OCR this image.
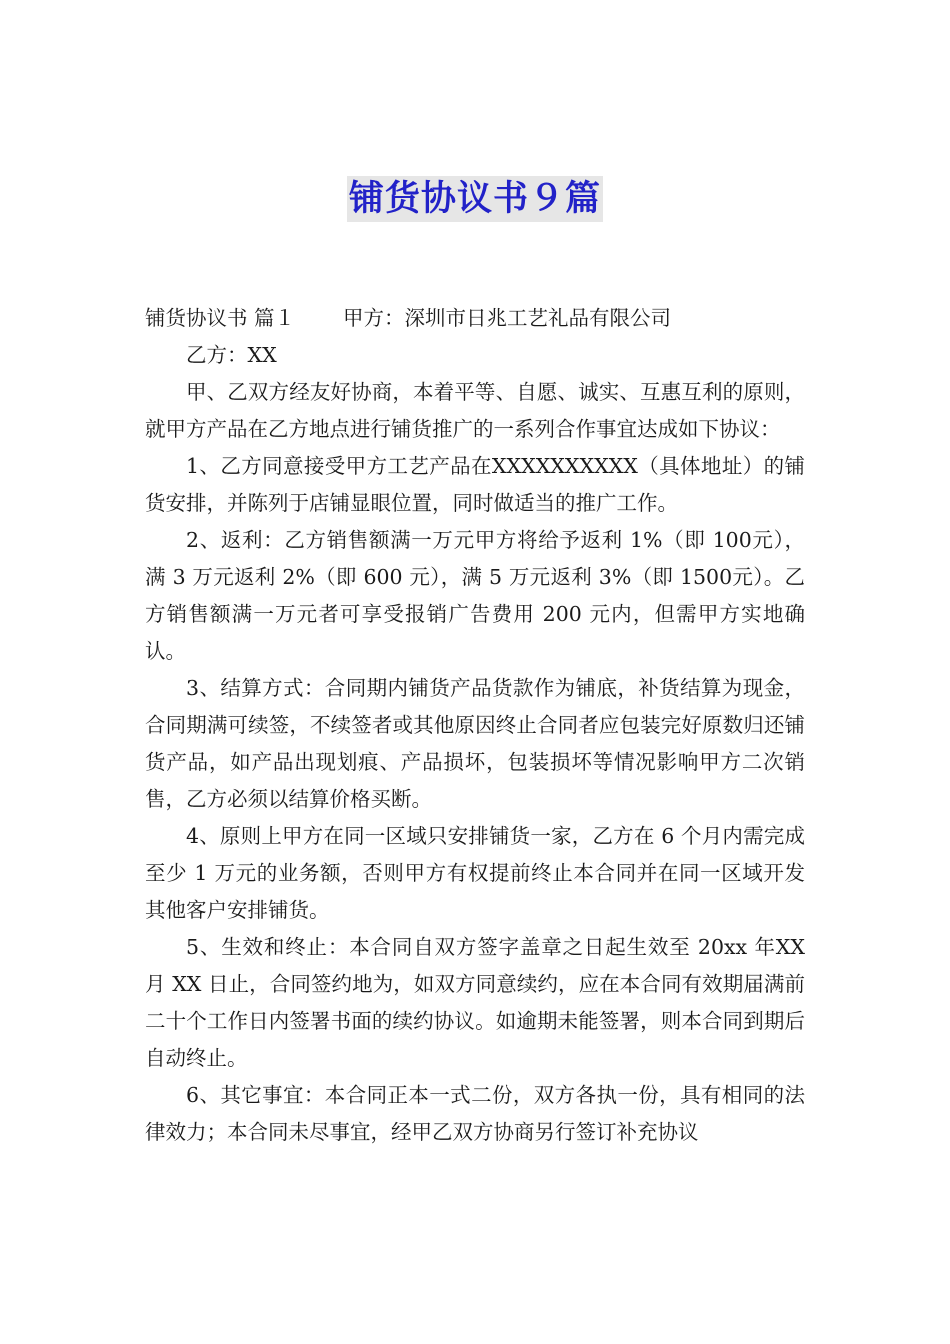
铺货协议书９篇

铺货协议书 篇１ 甲方：深圳市日兆工艺礼品有限公司

乙方：XX

甲、乙双方经友好协商，本着平等、自愿、诚实、互惠互利的原则，就甲方产品在乙方地点进行铺货推广的一系列合作事宜达成如下协议：

1、乙方同意接受甲方工艺产品在XXXXXXXXXX（具体地址）的铺货安排，并陈列于店铺显眼位置，同时做适当的推广工作。

2、返利：乙方销售额满一万元甲方将给予返利 1%（即 100元），满 3 万元返利 2%（即 600 元），满 5 万元返利 3%（即 1500元）。乙方销售额满一万元者可享受报销广告费用 200 元内，但需甲方实地确认。

3、结算方式：合同期内铺货产品货款作为铺底，补货结算为现金，合同期满可续签，不续签者或其他原因终止合同者应包装完好原数归还铺货产品，如产品出现划痕、产品损坏，包装损坏等情况影响甲方二次销售，乙方必须以结算价格买断。

4、原则上甲方在同一区域只安排铺货一家，乙方在 6 个月内需完成至少 1 万元的业务额，否则甲方有权提前终止本合同并在同一区域开发其他客户安排铺货。

5、生效和终止：本合同自双方签字盖章之日起生效至 20xx 年XX 月 XX 日止，合同签约地为，如双方同意续约，应在本合同有效期届满前二十个工作日内签署书面的续约协议。如逾期未能签署，则本合同到期后自动终止。

6、其它事宜：本合同正本一式二份，双方各执一份，具有相同的法律效力；本合同未尽事宜，经甲乙双方协商另行签订补充协议
